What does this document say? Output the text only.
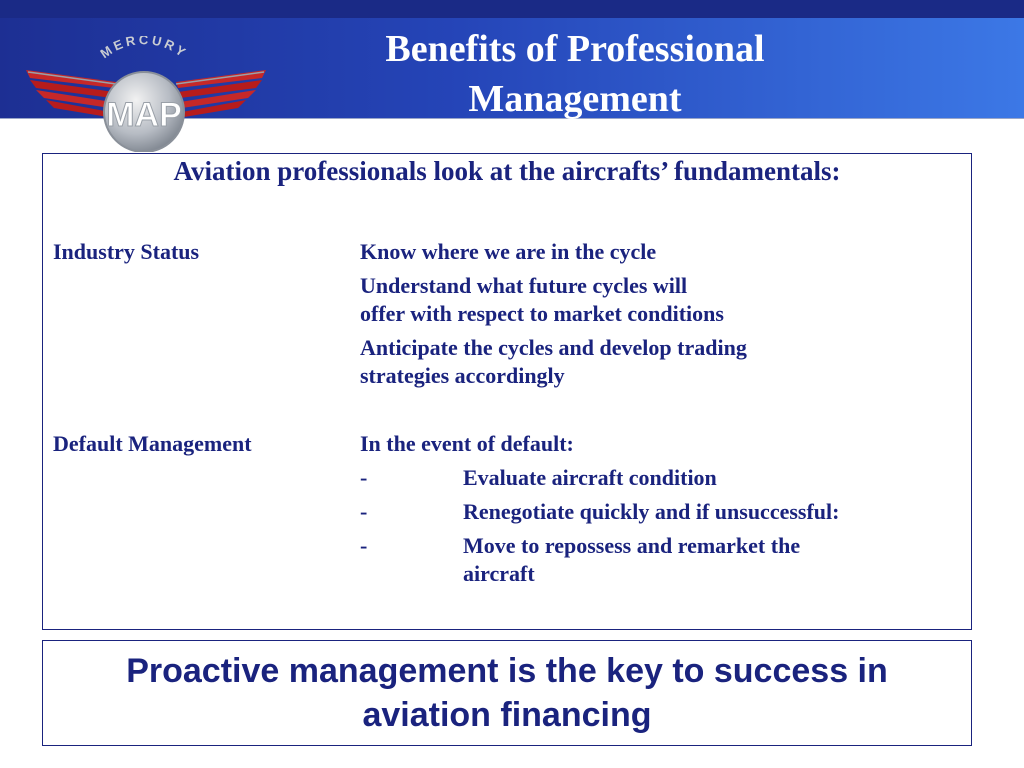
MERCURY
MAP
Benefits of Professional
Management
Aviation professionals look at the aircrafts’ fundamentals:
Industry Status	Know where we are in the cycle
Understand what future cycles will
offer with respect to market conditions
Anticipate the cycles and develop trading
strategies accordingly
Default Management	In the event of default:
-	Evaluate aircraft condition
-	Renegotiate quickly and if unsuccessful:
-	Move to repossess and remarket the
aircraft
Proactive management is the key to success in
aviation financing
